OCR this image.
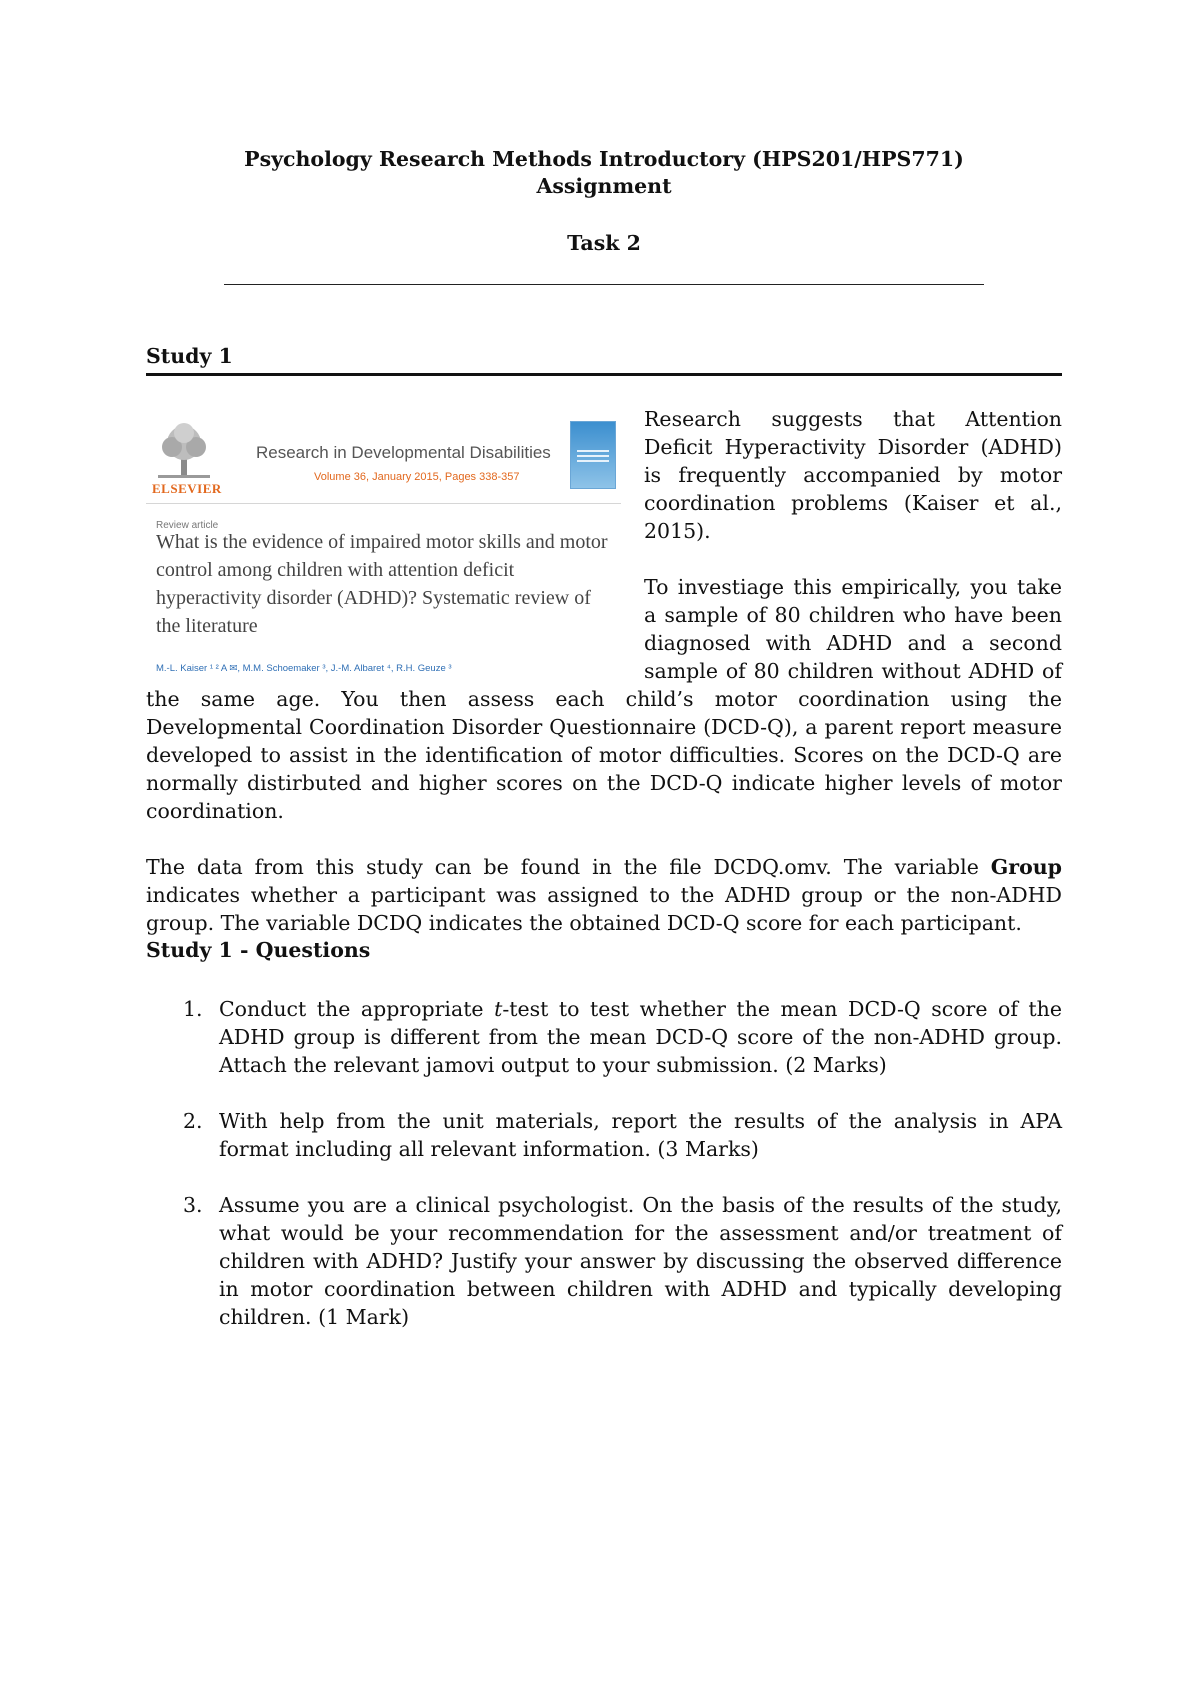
Psychology Research Methods Introductory (HPS201/HPS771)
Assignment
Task 2
Study 1
ELSEVIER
Research in Developmental Disabilities
Volume 36, January 2015, Pages 338-357
Review article
What is the evidence of impaired motor skills and motor control among children with attention deficit hyperactivity disorder (ADHD)? Systematic review of the literature
M.-L. Kaiser ¹ ² A ✉, M.M. Schoemaker ³, J.-M. Albaret ⁴, R.H. Geuze ³

Research suggests that Attention Deficit Hyperactivity Disorder (ADHD) is frequently accompanied by motor coordination problems (Kaiser et al., 2015).

To investiage this empirically, you take a sample of 80 children who have been diagnosed with ADHD and a second sample of 80 children without ADHD of the same age. You then assess each child’s motor coordination using the Developmental Coordination Disorder Questionnaire (DCD-Q), a parent report measure developed to assist in the identification of motor difficulties. Scores on the DCD-Q are normally distirbuted and higher scores on the DCD-Q indicate higher levels of motor coordination.

The data from this study can be found in the file DCDQ.omv. The variable Group indicates whether a participant was assigned to the ADHD group or the non-ADHD group. The variable DCDQ indicates the obtained DCD-Q score for each participant.

Study 1 - Questions
1. Conduct the appropriate t-test to test whether the mean DCD-Q score of the ADHD group is different from the mean DCD-Q score of the non-ADHD group. Attach the relevant jamovi output to your submission. (2 Marks)
2. With help from the unit materials, report the results of the analysis in APA format including all relevant information. (3 Marks)
3. Assume you are a clinical psychologist. On the basis of the results of the study, what would be your recommendation for the assessment and/or treatment of children with ADHD? Justify your answer by discussing the observed difference in motor coordination between children with ADHD and typically developing children. (1 Mark)
